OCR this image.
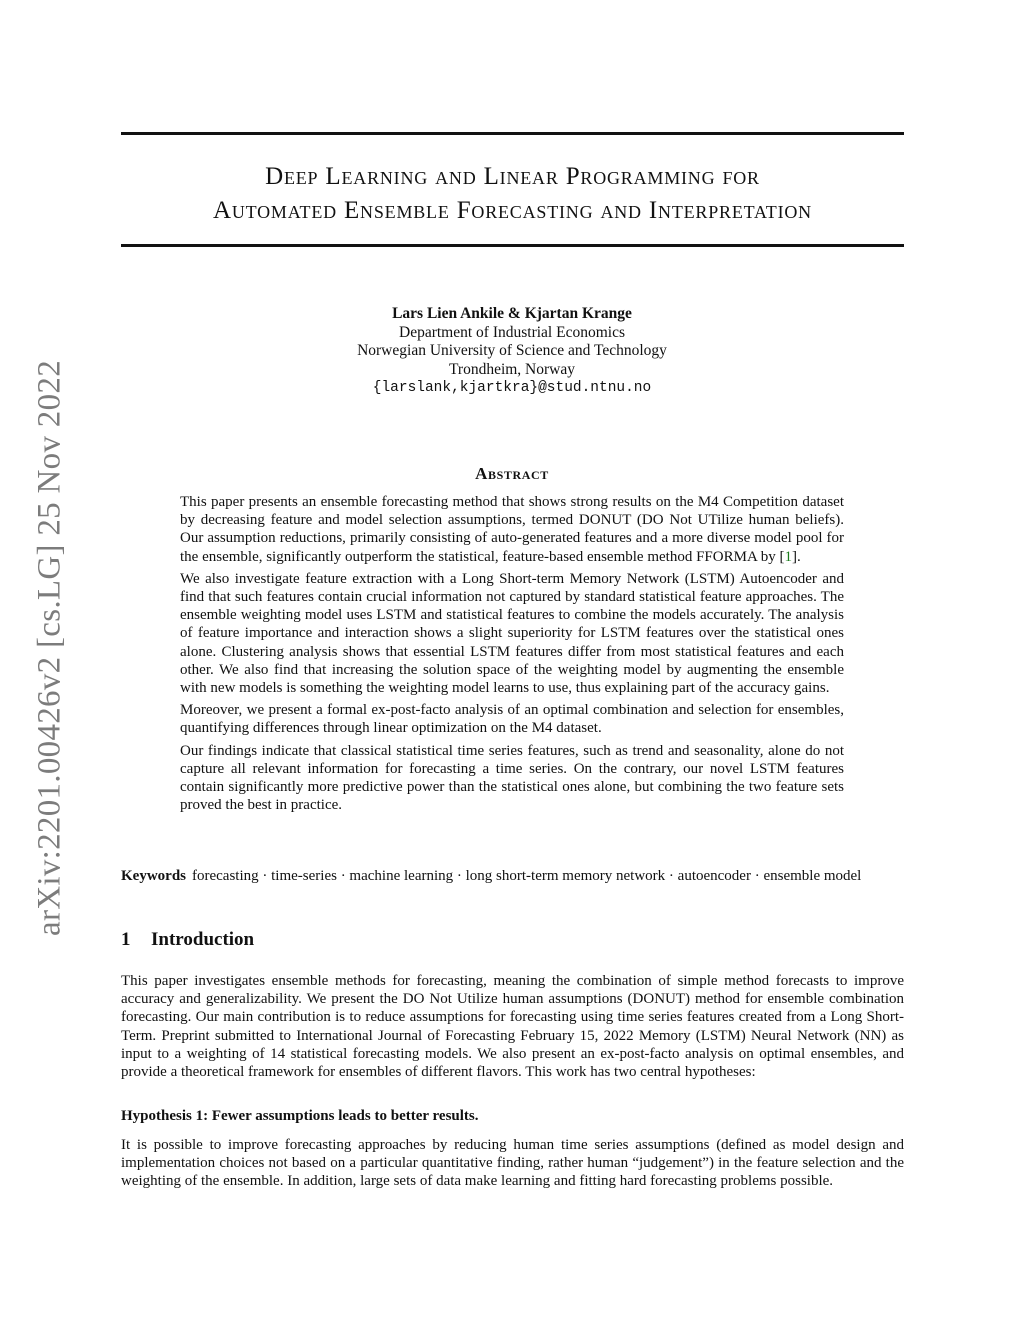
arXiv:2201.00426v2 [cs.LG] 25 Nov 2022
Deep Learning and Linear Programming for
Automated Ensemble Forecasting and Interpretation
Lars Lien Ankile & Kjartan Krange
Department of Industrial Economics
Norwegian University of Science and Technology
Trondheim, Norway
{larslank,kjartkra}@stud.ntnu.no
Abstract

This paper presents an ensemble forecasting method that shows strong results on the M4 Competition dataset by decreasing feature and model selection assumptions, termed DONUT (DO Not UTilize human beliefs). Our assumption reductions, primarily consisting of auto-generated features and a more diverse model pool for the ensemble, significantly outperform the statistical, feature-based ensemble method FFORMA by [1].

We also investigate feature extraction with a Long Short-term Memory Network (LSTM) Autoencoder and find that such features contain crucial information not captured by standard statistical feature approaches. The ensemble weighting model uses LSTM and statistical features to combine the models accurately. The analysis of feature importance and interaction shows a slight superiority for LSTM features over the statistical ones alone. Clustering analysis shows that essential LSTM features differ from most statistical features and each other. We also find that increasing the solution space of the weighting model by augmenting the ensemble with new models is something the weighting model learns to use, thus explaining part of the accuracy gains.

Moreover, we present a formal ex-post-facto analysis of an optimal combination and selection for ensembles, quantifying differences through linear optimization on the M4 dataset.

Our findings indicate that classical statistical time series features, such as trend and seasonality, alone do not capture all relevant information for forecasting a time series. On the contrary, our novel LSTM features contain significantly more predictive power than the statistical ones alone, but combining the two feature sets proved the best in practice.

Keywords forecasting · time-series · machine learning · long short-term memory network · autoencoder · ensemble model
1 Introduction

This paper investigates ensemble methods for forecasting, meaning the combination of simple method forecasts to improve accuracy and generalizability. We present the DO Not Utilize human assumptions (DONUT) method for ensemble combination forecasting. Our main contribution is to reduce assumptions for forecasting using time series features created from a Long Short-Term. Preprint submitted to International Journal of Forecasting February 15, 2022 Memory (LSTM) Neural Network (NN) as input to a weighting of 14 statistical forecasting models. We also present an ex-post-facto analysis on optimal ensembles, and provide a theoretical framework for ensembles of different flavors. This work has two central hypotheses:

Hypothesis 1: Fewer assumptions leads to better results.

It is possible to improve forecasting approaches by reducing human time series assumptions (defined as model design and implementation choices not based on a particular quantitative finding, rather human “judgement”) in the feature selection and the weighting of the ensemble. In addition, large sets of data make learning and fitting hard forecasting problems possible.
